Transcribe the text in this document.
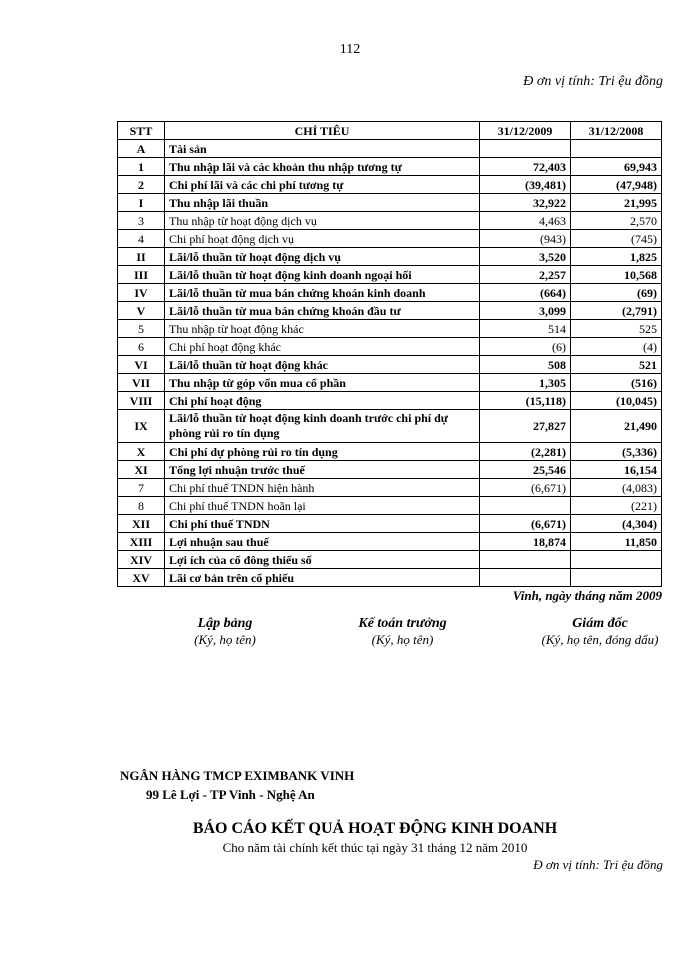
112
Đ ơn vị tính: Tri ệu đồng
STT	CHỈ TIÊU	31/12/2009	31/12/2008
A	Tài sản		
1	Thu nhập lãi và các khoản thu nhập tương tự	72,403	69,943
2	Chi phí lãi và các chi phí tương tự	(39,481)	(47,948)
I	Thu nhập lãi thuần	32,922	21,995
3	Thu nhập từ hoạt động dịch vụ	4,463	2,570
4	Chi phí hoạt động dịch vụ	(943)	(745)
II	Lãi/lỗ thuần từ hoạt động dịch vụ	3,520	1,825
III	Lãi/lỗ thuần từ hoạt động kinh doanh ngoại hối	2,257	10,568
IV	Lãi/lỗ thuần từ mua bán chứng khoán kinh doanh	(664)	(69)
V	Lãi/lỗ thuần từ mua bán chứng khoán đầu tư	3,099	(2,791)
5	Thu nhập từ hoạt động khác	514	525
6	Chi phí hoạt động khác	(6)	(4)
VI	Lãi/lỗ thuần từ hoạt động khác	508	521
VII	Thu nhập từ góp vốn mua cổ phần	1,305	(516)
VIII	Chi phí hoạt động	(15,118)	(10,045)
IX	Lãi/lỗ thuần từ hoạt động kinh doanh trước chi phí dự phòng rủi ro tín dụng	27,827	21,490
X	Chi phí dự phòng rủi ro tín dụng	(2,281)	(5,336)
XI	Tổng lợi nhuận trước thuế	25,546	16,154
7	Chi phí thuế TNDN hiện hành	(6,671)	(4,083)
8	Chi phí thuế TNDN hoãn lại		(221)
XII	Chi phí thuế TNDN	(6,671)	(4,304)
XIII	Lợi nhuận sau thuế	18,874	11,850
XIV	Lợi ích của cổ đông thiểu số		
XV	Lãi cơ bản trên cổ phiếu		
Vinh, ngày tháng năm 2009
Lập bảng
(Ký, họ tên)
Kế toán trưởng
(Ký, họ tên)
Giám đốc
(Ký, họ tên, đóng dấu)
NGÂN HÀNG TMCP EXIMBANK VINH
99 Lê Lợi - TP Vinh - Nghệ An
BÁO CÁO KẾT QUẢ HOẠT ĐỘNG KINH DOANH
Cho năm tài chính kết thúc tại ngày 31 tháng 12 năm 2010
Đ ơn vị tính: Tri ệu đồng
